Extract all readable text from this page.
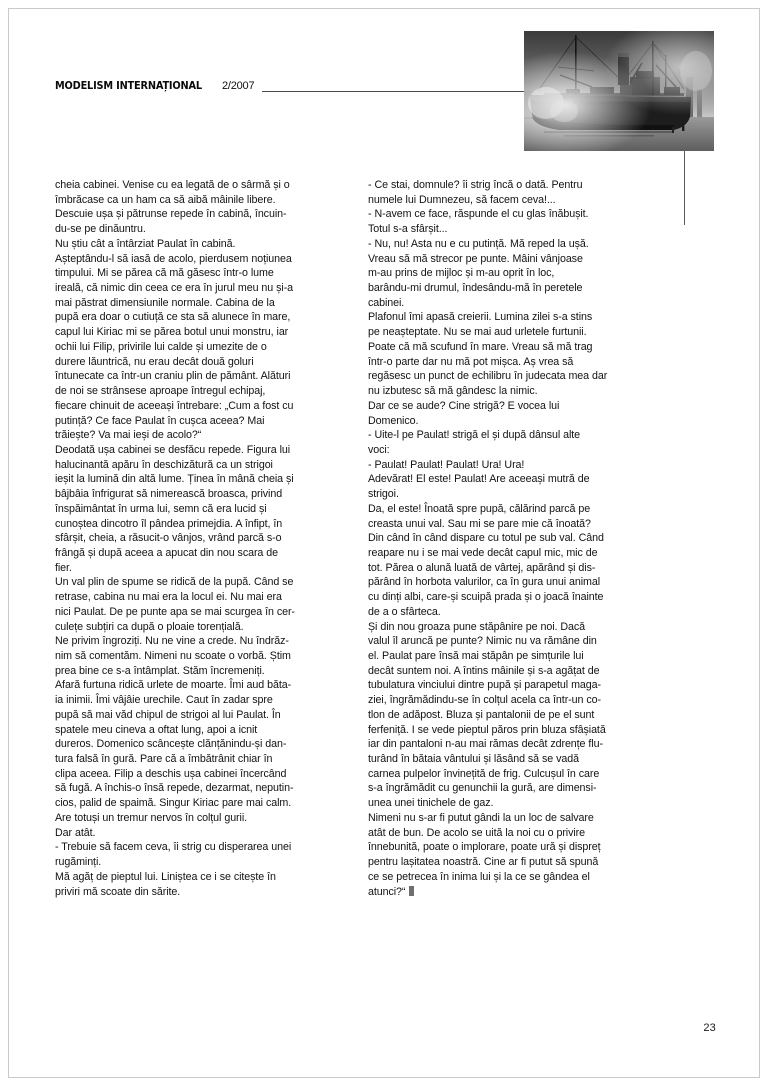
MODELISM INTERNAȚIONAL 2/2007

cheia cabinei. Venise cu ea legată de o sârmă și o
îmbrăcase ca un ham ca să aibă mâinile libere.
Descuie ușa și pătrunse repede în cabină, încuin-
du-se pe dinăuntru.
Nu știu cât a întârziat Paulat în cabină.
Așteptându-l să iasă de acolo, pierdusem noțiunea
timpului. Mi se părea că mă găsesc într-o lume
ireală, că nimic din ceea ce era în jurul meu nu și-a
mai păstrat dimensiunile normale. Cabina de la
pupă era doar o cutiuță ce sta să alunece în mare,
capul lui Kiriac mi se părea botul unui monstru, iar
ochii lui Filip, privirile lui calde și umezite de o
durere lăuntrică, nu erau decât două goluri
întunecate ca într-un craniu plin de pământ. Alături
de noi se strânsese aproape întregul echipaj,
fiecare chinuit de aceeași întrebare: „Cum a fost cu
putință? Ce face Paulat în cușca aceea? Mai
trăiește? Va mai ieși de acolo?“
Deodată ușa cabinei se desfăcu repede. Figura lui
halucinantă apăru în deschizătură ca un strigoi
ieșit la lumină din altă lume. Ținea în mână cheia și
bâjbâia înfrigurat să nimerească broasca, privind
înspăimântat în urma lui, semn că era lucid și
cunoștea dincotro îl pândea primejdia. A înfipt, în
sfârșit, cheia, a răsucit-o vânjos, vrând parcă s-o
frângă și după aceea a apucat din nou scara de
fier.
Un val plin de spume se ridică de la pupă. Când se
retrase, cabina nu mai era la locul ei. Nu mai era
nici Paulat. De pe punte apa se mai scurgea în cer-
culețe subțiri ca după o ploaie torențială.
Ne privim îngroziți. Nu ne vine a crede. Nu îndrăz-
nim să comentăm. Nimeni nu scoate o vorbă. Știm
prea bine ce s-a întâmplat. Stăm încremeniți.
Afară furtuna ridică urlete de moarte. Îmi aud băta-
ia inimii. Îmi vâjâie urechile. Caut în zadar spre
pupă să mai văd chipul de strigoi al lui Paulat. În
spatele meu cineva a oftat lung, apoi a icnit
dureros. Domenico scâncește clănțănindu-și dan-
tura falsă în gură. Pare că a îmbătrânit chiar în
clipa aceea. Filip a deschis ușa cabinei încercând
să fugă. A închis-o însă repede, dezarmat, neputin-
cios, palid de spaimă. Singur Kiriac pare mai calm.
Are totuși un tremur nervos în colțul gurii.
Dar atât.
- Trebuie să facem ceva, îi strig cu disperarea unei
rugăminți.
Mă agăț de pieptul lui. Liniștea ce i se citește în
priviri mă scoate din sărite.

- Ce stai, domnule? îi strig încă o dată. Pentru
numele lui Dumnezeu, să facem ceva!...
- N-avem ce face, răspunde el cu glas înăbușit.
Totul s-a sfârșit...
- Nu, nu! Asta nu e cu putință. Mă reped la ușă.
Vreau să mă strecor pe punte. Mâini vânjoase
m-au prins de mijloc și m-au oprit în loc,
barându-mi drumul, îndesându-mă în peretele
cabinei.
Plafonul îmi apasă creierii. Lumina zilei s-a stins
pe neașteptate. Nu se mai aud urletele furtunii.
Poate că mă scufund în mare. Vreau să mă trag
într-o parte dar nu mă pot mișca. Aș vrea să
regăsesc un punct de echilibru în judecata mea dar
nu izbutesc să mă gândesc la nimic.
Dar ce se aude? Cine strigă? E vocea lui
Domenico.
- Uite-l pe Paulat! strigă el și după dânsul alte
voci:
- Paulat! Paulat! Paulat! Ura! Ura!
Adevărat! El este! Paulat! Are aceeași mutră de
strigoi.
Da, el este! Înoată spre pupă, călărind parcă pe
creasta unui val. Sau mi se pare mie că înoată?
Din când în când dispare cu totul pe sub val. Când
reapare nu i se mai vede decât capul mic, mic de
tot. Părea o alună luată de vârtej, apărând și dis-
părând în horbota valurilor, ca în gura unui animal
cu dinți albi, care-și scuipă prada și o joacă înainte
de a o sfârteca.
Și din nou groaza pune stăpânire pe noi. Dacă
valul îl aruncă pe punte? Nimic nu va rămâne din
el. Paulat pare însă mai stăpân pe simțurile lui
decât suntem noi. A întins mâinile și s-a agățat de
tubulatura vinciului dintre pupă și parapetul maga-
ziei, îngrămădindu-se în colțul acela ca într-un co-
tlon de adăpost. Bluza și pantalonii de pe el sunt
ferfeniță. I se vede pieptul păros prin bluza sfâșiată
iar din pantaloni n-au mai rămas decât zdrențe flu-
turând în bătaia vântului și lăsând să se vadă
carnea pulpelor învinețită de frig. Culcușul în care
s-a îngrămădit cu genunchii la gură, are dimensi-
unea unei tinichele de gaz.
Nimeni nu s-ar fi putut gândi la un loc de salvare
atât de bun. De acolo se uită la noi cu o privire
înnebunită, poate o implorare, poate ură și dispreț
pentru lașitatea noastră. Cine ar fi putut să spună
ce se petrecea în inima lui și la ce se gândea el
atunci?“

23
